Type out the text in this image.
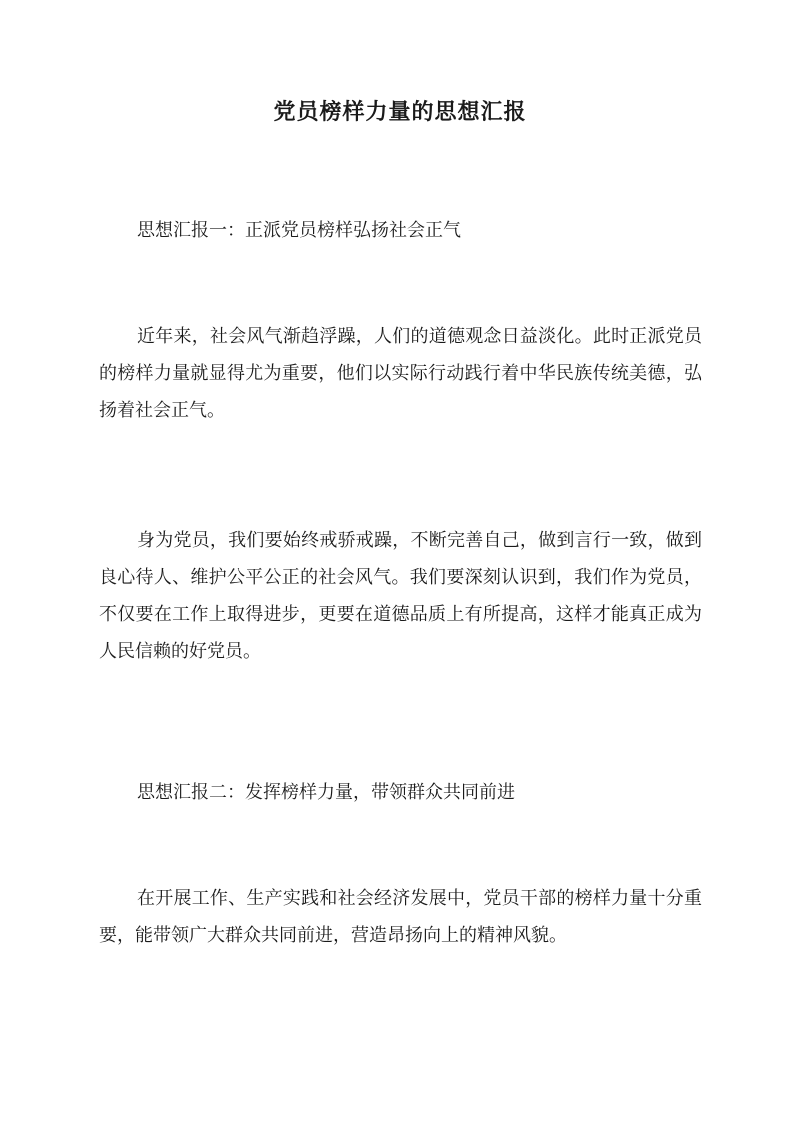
党员榜样力量的思想汇报

思想汇报一：正派党员榜样弘扬社会正气

近年来，社会风气渐趋浮躁，人们的道德观念日益淡化。此时正派党员的榜样力量就显得尤为重要，他们以实际行动践行着中华民族传统美德，弘扬着社会正气。

身为党员，我们要始终戒骄戒躁，不断完善自己，做到言行一致，做到良心待人、维护公平公正的社会风气。我们要深刻认识到，我们作为党员，不仅要在工作上取得进步，更要在道德品质上有所提高，这样才能真正成为人民信赖的好党员。

思想汇报二：发挥榜样力量，带领群众共同前进

在开展工作、生产实践和社会经济发展中，党员干部的榜样力量十分重要，能带领广大群众共同前进，营造昂扬向上的精神风貌。
